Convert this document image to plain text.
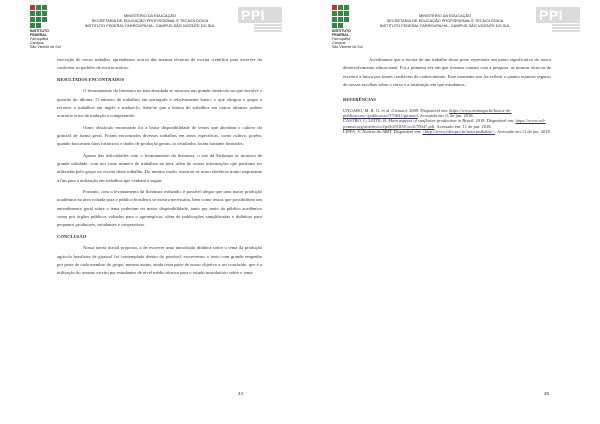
INSTITUTO
FEDERAL
Farroupilha
Campus
São Vicente do Sul
MINISTÉRIO DA EDUCAÇÃO
SECRETARIA DE EDUCAÇÃO PROFISSIONAL E TECNOLÓGICA
INSTITUTO FEDERAL FARROUPILHA - CAMPUS SÃO VICENTE DO SUL
PPI

execução de nosso trabalho, aprendemos acerca das normas técnicas de escrita científica para escrever do conforme os padrões de escrita aceitos.

RESULTADOS ENCONTRADOS

O levantamento da literatura na área abordada se mostrou um grande obstáculo no que envolve a questão do idioma. O número de trabalhos em português é relativamente baixo, o que obrigou o grupo a recorrer a trabalhos em inglês e traduzi-lo. Sabe-se que a leitura de trabalhos em outros idiomas podem acarretar erros de tradução e compreensão.

Outro obstáculo encontrado foi a baixa disponibilidade de textos que abordam o cultivo do girassol de forma geral. Foram encontrados diversos trabalhos em áreas específicas, como cultivo, porém, quando buscavam fatos históricos e dados de produção gerais, os resultados foram bastante limitados.

Apesar das dificuldades com o levantamento da literatura, o site da Embrapa se mostrou de grande utilidade, com um vasto número de trabalhos na área, além de outras informações que puderam ser utilizadas pelo grupo na escrita deste trabalho. Do mesmo modo, mostrou-se uma referência muito importante a fim para a utilização em trabalhos que venham a seguir.

Portanto, com o levantamento da literatura realizado, é possível alegar que uma maior produção acadêmica na área voltada para o público brasileiro se mostra necessária, bem como textos que possibilitem um entendimento geral sobre o tema poderiam ter maior disponibilidade, tanto por meio do público acadêmico como por órgãos públicos voltados para o agronegócio, além de publicações simplificadas e didáticas para pequenos produtores, estudantes e cooperativas.

CONCLUSÃO

Nossa tarefa inicial proposta, a de escrever uma introdução didática sobre o tema da produção agrícola brasileira de girassol foi contemplada dentro do possível, escrevemos o texto com grande empenho por parte de cada membro do grupo, mesmo assim, ainda resta parte de nosso objetivo a ser concluído, que é a utilização do resumo escrito por estudantes de nível médio técnico para o estudo introdutório sobre o tema.

44
INSTITUTO
FEDERAL
Farroupilha
Campus
São Vicente do Sul
MINISTÉRIO DA EDUCAÇÃO
SECRETARIA DE EDUCAÇÃO PROFISSIONAL E TECNOLÓGICA
INSTITUTO FEDERAL FARROUPILHA - CAMPUS SÃO VICENTE DO SUL
PPI

Acreditamos que a escrita de um trabalho desse porte represente um passo significativo do nosso desenvolvimento educacional. Foi a primeira vez em que tivemos contato com a pesquisa, as normas técnicas de escrita e a busca por fontes confiáveis de conhecimento. Esse momento nos fez refletir o quanto estamos seguros de nossas escolhas sobre o curso e a instituição em que estudamos.

REFERÊNCIAS

UNGARO, M. R. G. et al. Girassol. 2009. Disponível em: https://www.embrapa.br/busca-de-publicacoes/-/publicacao/579641/girassol. Acessado em 11 de jun. 2018.

CASTRO, C; LEITE, R. Main aspects of sunflower production in Brazil. 2018. Disponível em: https://www.ocl-journal.org/articles/ocl/pdf/2018/01/ocl170047.pdf. Acessado em: 11 de jun. 2018.

LIFFA, V. Notícia do ABIT. Disponível em: <http://www.liffa.pro.br/noticias&abit/>. Acessado em 11 de jun. 2018.

45
